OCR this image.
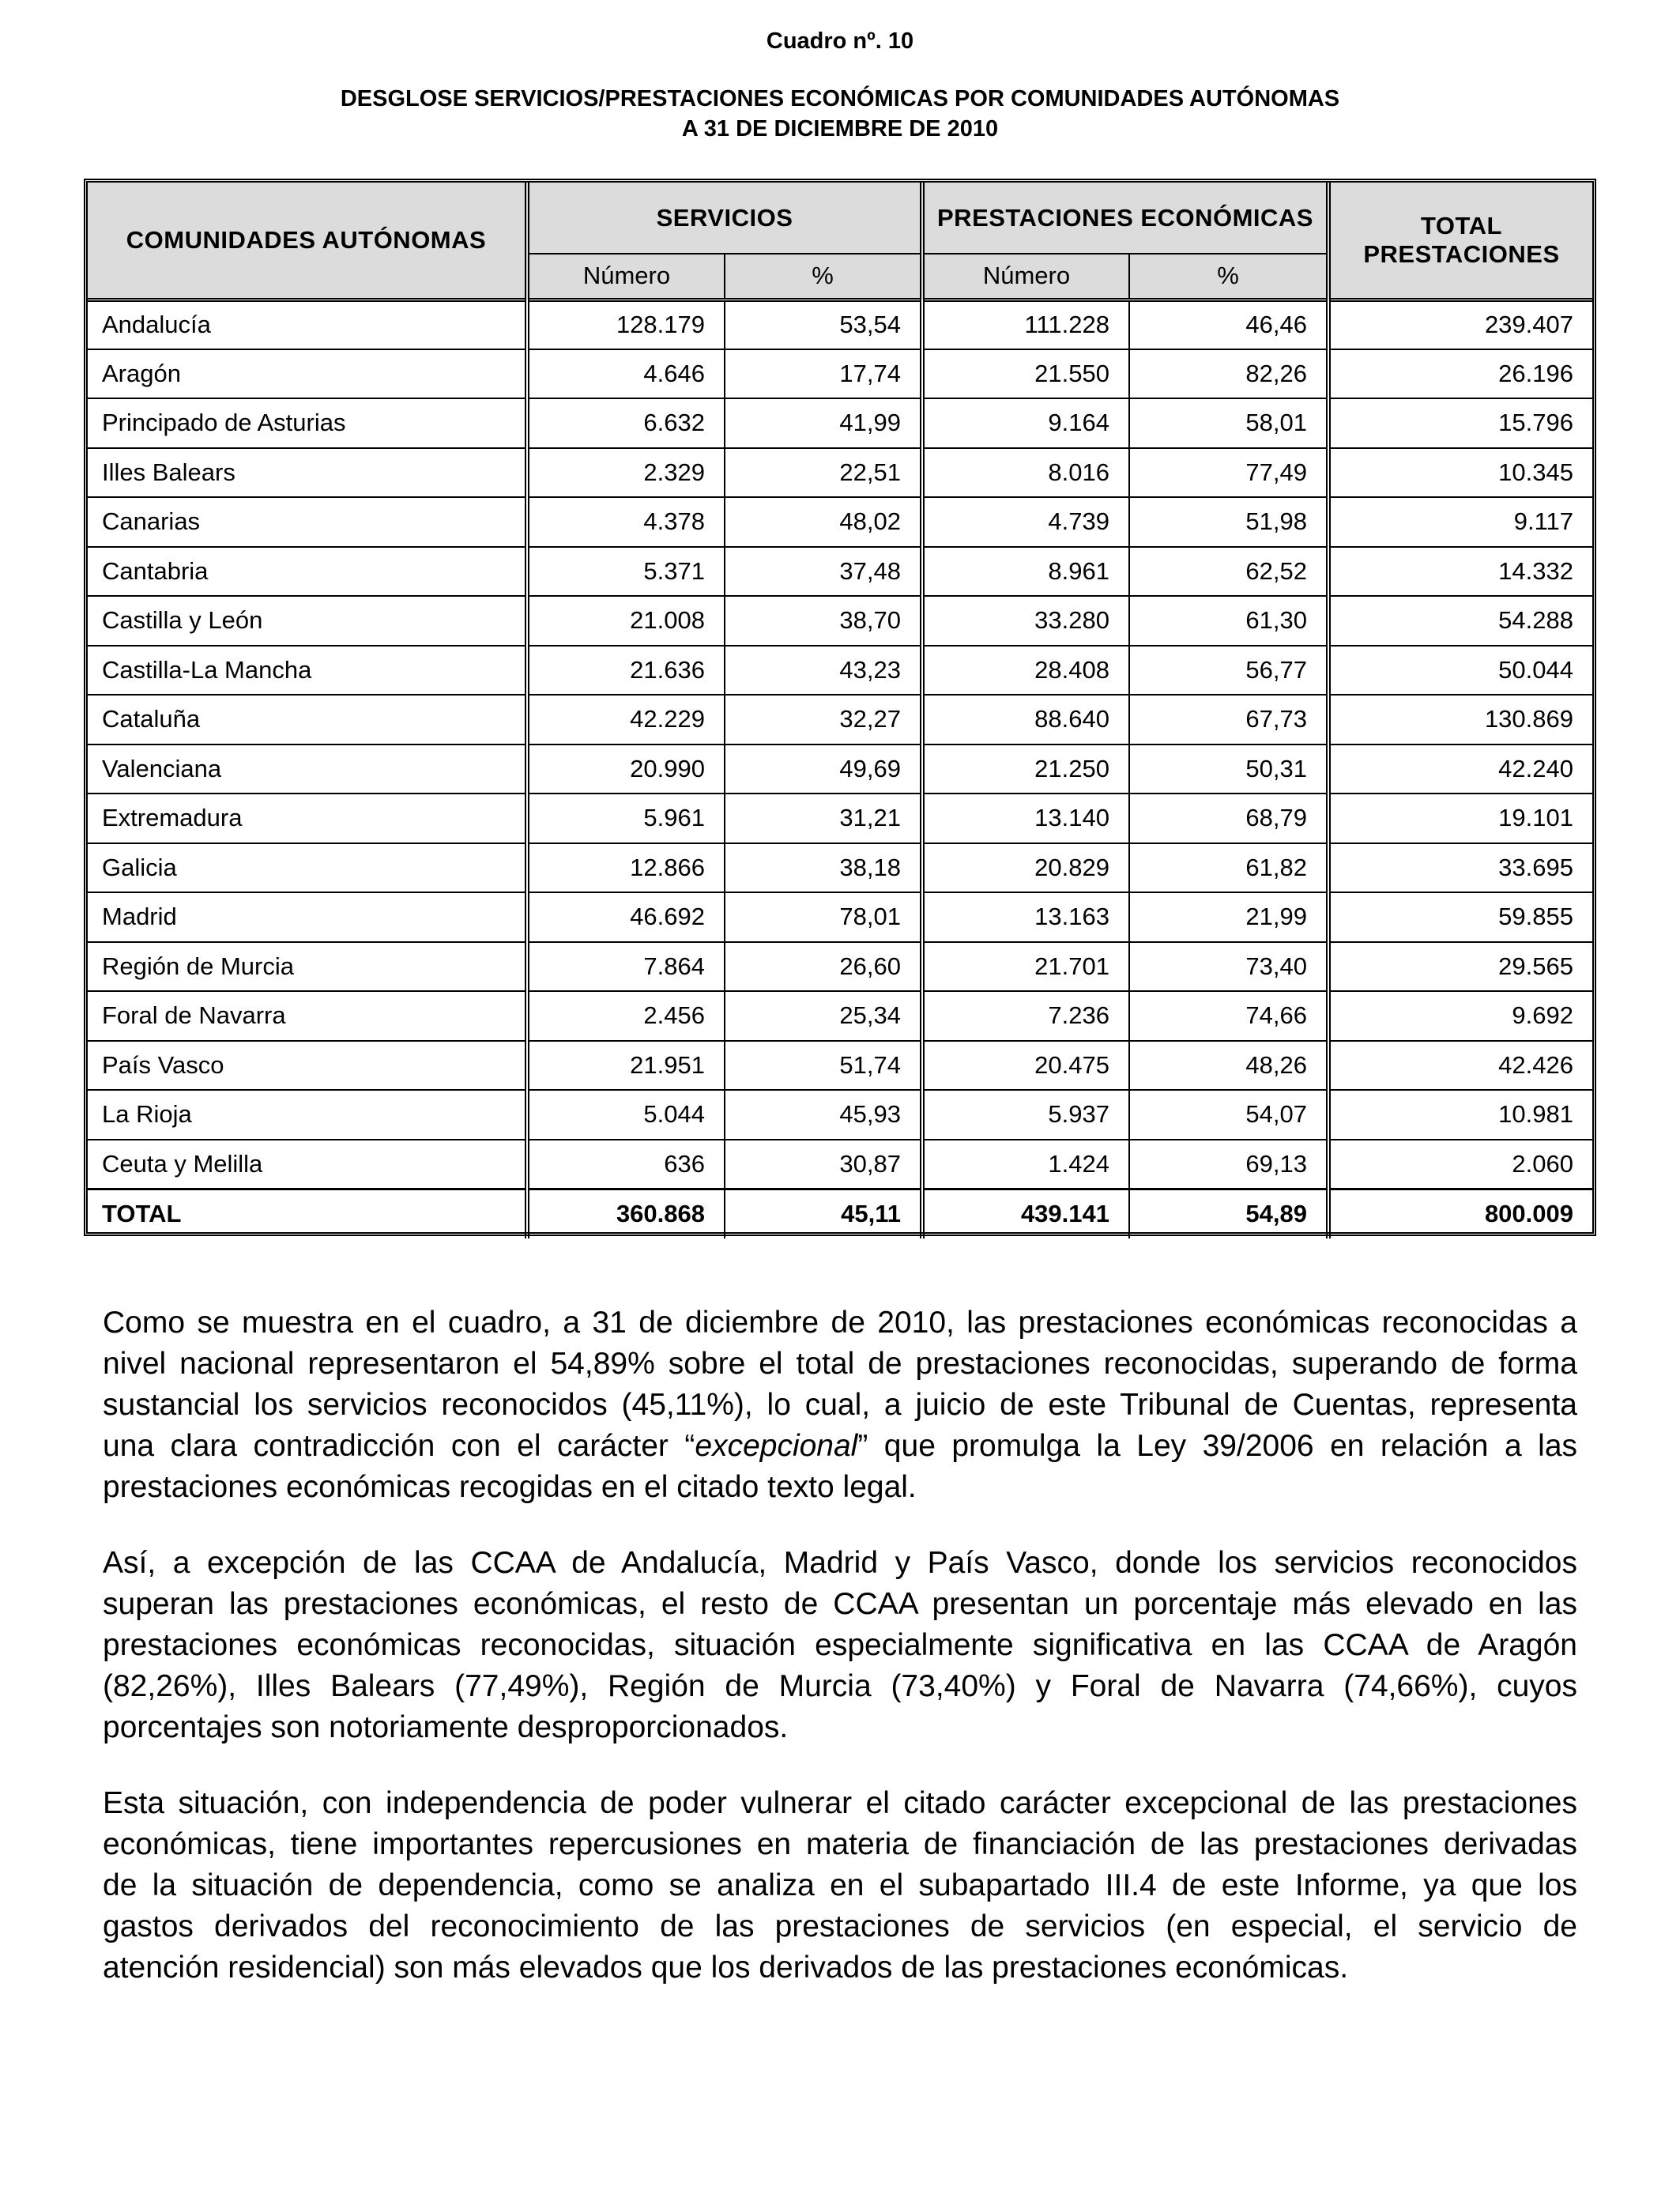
Cuadro nº. 10
DESGLOSE SERVICIOS/PRESTACIONES ECONÓMICAS POR COMUNIDADES AUTÓNOMAS
A 31 DE DICIEMBRE DE 2010
COMUNIDADES AUTÓNOMAS	SERVICIOS		PRESTACIONES ECONÓMICAS		TOTAL
PRESTACIONES

	Número	%	Número	%	
Andalucía	128.179	53,54	111.228	46,46	239.407
Aragón	4.646	17,74	21.550	82,26	26.196
Principado de Asturias	6.632	41,99	9.164	58,01	15.796
Illes Balears	2.329	22,51	8.016	77,49	10.345
Canarias	4.378	48,02	4.739	51,98	9.117
Cantabria	5.371	37,48	8.961	62,52	14.332
Castilla y León	21.008	38,70	33.280	61,30	54.288
Castilla-La Mancha	21.636	43,23	28.408	56,77	50.044
Cataluña	42.229	32,27	88.640	67,73	130.869
Valenciana	20.990	49,69	21.250	50,31	42.240
Extremadura	5.961	31,21	13.140	68,79	19.101
Galicia	12.866	38,18	20.829	61,82	33.695
Madrid	46.692	78,01	13.163	21,99	59.855
Región de Murcia	7.864	26,60	21.701	73,40	29.565
Foral de Navarra	2.456	25,34	7.236	74,66	9.692
País Vasco	21.951	51,74	20.475	48,26	42.426
La Rioja	5.044	45,93	5.937	54,07	10.981
Ceuta y Melilla	636	30,87	1.424	69,13	2.060
TOTAL	360.868	45,11	439.141	54,89	800.009
Como se muestra en el cuadro, a 31 de diciembre de 2010, las prestaciones económicas reconocidas a
nivel nacional representaron el 54,89% sobre el total de prestaciones reconocidas, superando de forma
sustancial los servicios reconocidos (45,11%), lo cual, a juicio de este Tribunal de Cuentas, representa
una clara contradicción con el carácter “excepcional” que promulga la Ley 39/2006 en relación a las
prestaciones económicas recogidas en el citado texto legal.
Así, a excepción de las CCAA de Andalucía, Madrid y País Vasco, donde los servicios reconocidos
superan las prestaciones económicas, el resto de CCAA presentan un porcentaje más elevado en las
prestaciones económicas reconocidas, situación especialmente significativa en las CCAA de Aragón
(82,26%), Illes Balears (77,49%), Región de Murcia (73,40%) y Foral de Navarra (74,66%), cuyos
porcentajes son notoriamente desproporcionados.
Esta situación, con independencia de poder vulnerar el citado carácter excepcional de las prestaciones
económicas, tiene importantes repercusiones en materia de financiación de las prestaciones derivadas
de la situación de dependencia, como se analiza en el subapartado III.4 de este Informe, ya que los
gastos derivados del reconocimiento de las prestaciones de servicios (en especial, el servicio de
atención residencial) son más elevados que los derivados de las prestaciones económicas.
